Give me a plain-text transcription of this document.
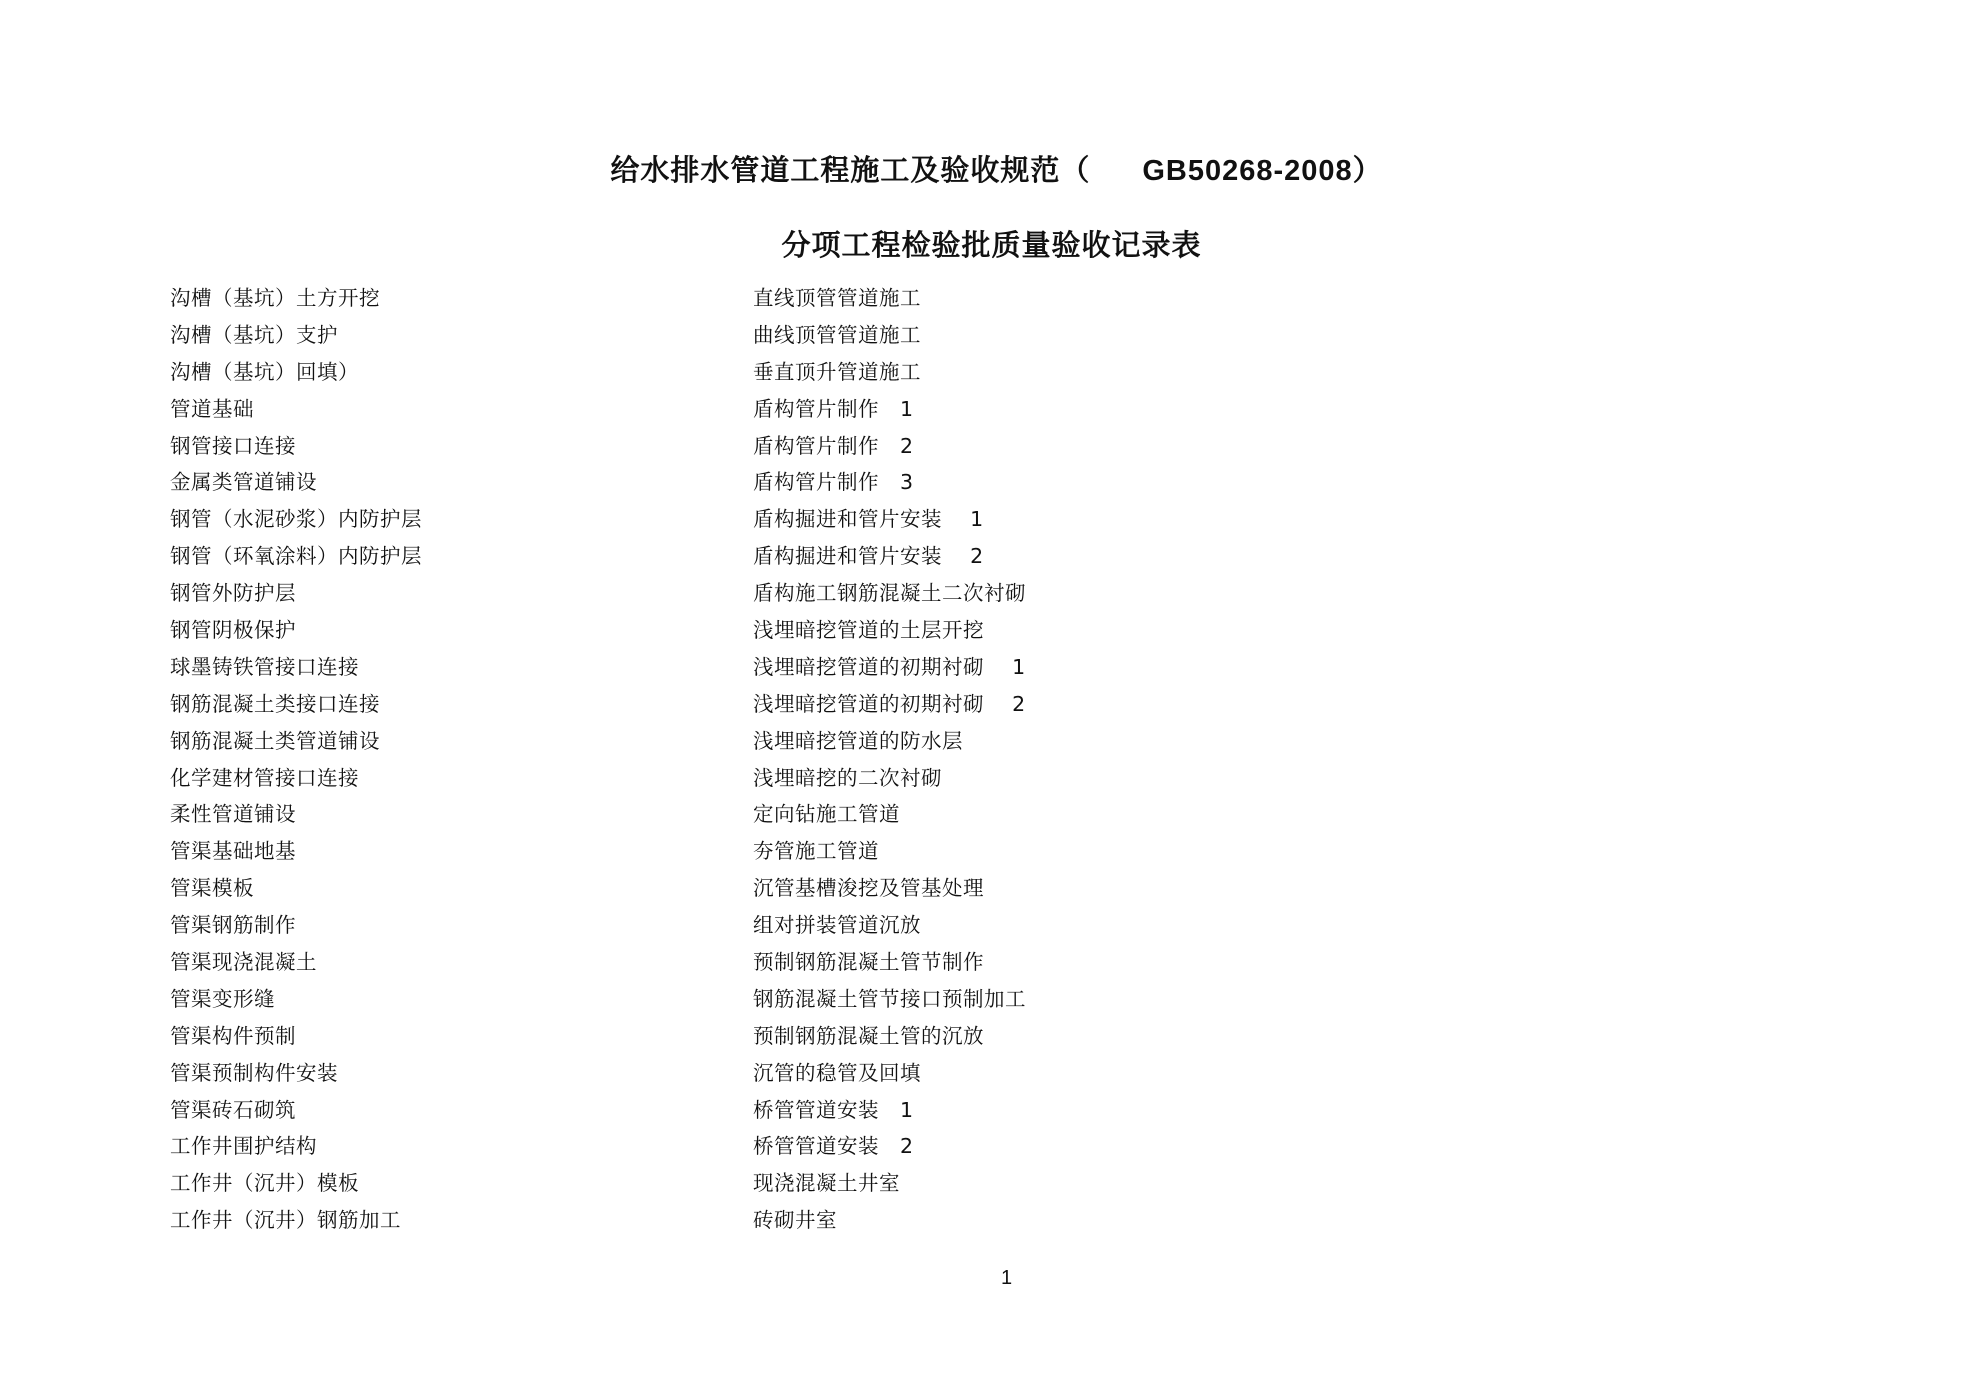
给水排水管道工程施工及验收规范（ GB50268-2008）
分项工程检验批质量验收记录表
沟槽（基坑）土方开挖
沟槽（基坑）支护
沟槽（基坑）回填）
管道基础
钢管接口连接
金属类管道铺设
钢管（水泥砂浆）内防护层
钢管（环氧涂料）内防护层
钢管外防护层
钢管阴极保护
球墨铸铁管接口连接
钢筋混凝土类接口连接
钢筋混凝土类管道铺设
化学建材管接口连接
柔性管道铺设
管渠基础地基
管渠模板
管渠钢筋制作
管渠现浇混凝土
管渠变形缝
管渠构件预制
管渠预制构件安装
管渠砖石砌筑
工作井围护结构
工作井（沉井）模板
工作井（沉井）钢筋加工
直线顶管管道施工
曲线顶管管道施工
垂直顶升管道施工
盾构管片制作   1
盾构管片制作   2
盾构管片制作   3
盾构掘进和管片安装    1
盾构掘进和管片安装    2
盾构施工钢筋混凝土二次衬砌
浅埋暗挖管道的土层开挖
浅埋暗挖管道的初期衬砌    1
浅埋暗挖管道的初期衬砌    2
浅埋暗挖管道的防水层
浅埋暗挖的二次衬砌
定向钻施工管道
夯管施工管道
沉管基槽浚挖及管基处理
组对拼装管道沉放
预制钢筋混凝土管节制作
钢筋混凝土管节接口预制加工
预制钢筋混凝土管的沉放
沉管的稳管及回填
桥管管道安装   1
桥管管道安装   2
现浇混凝土井室
砖砌井室
1
